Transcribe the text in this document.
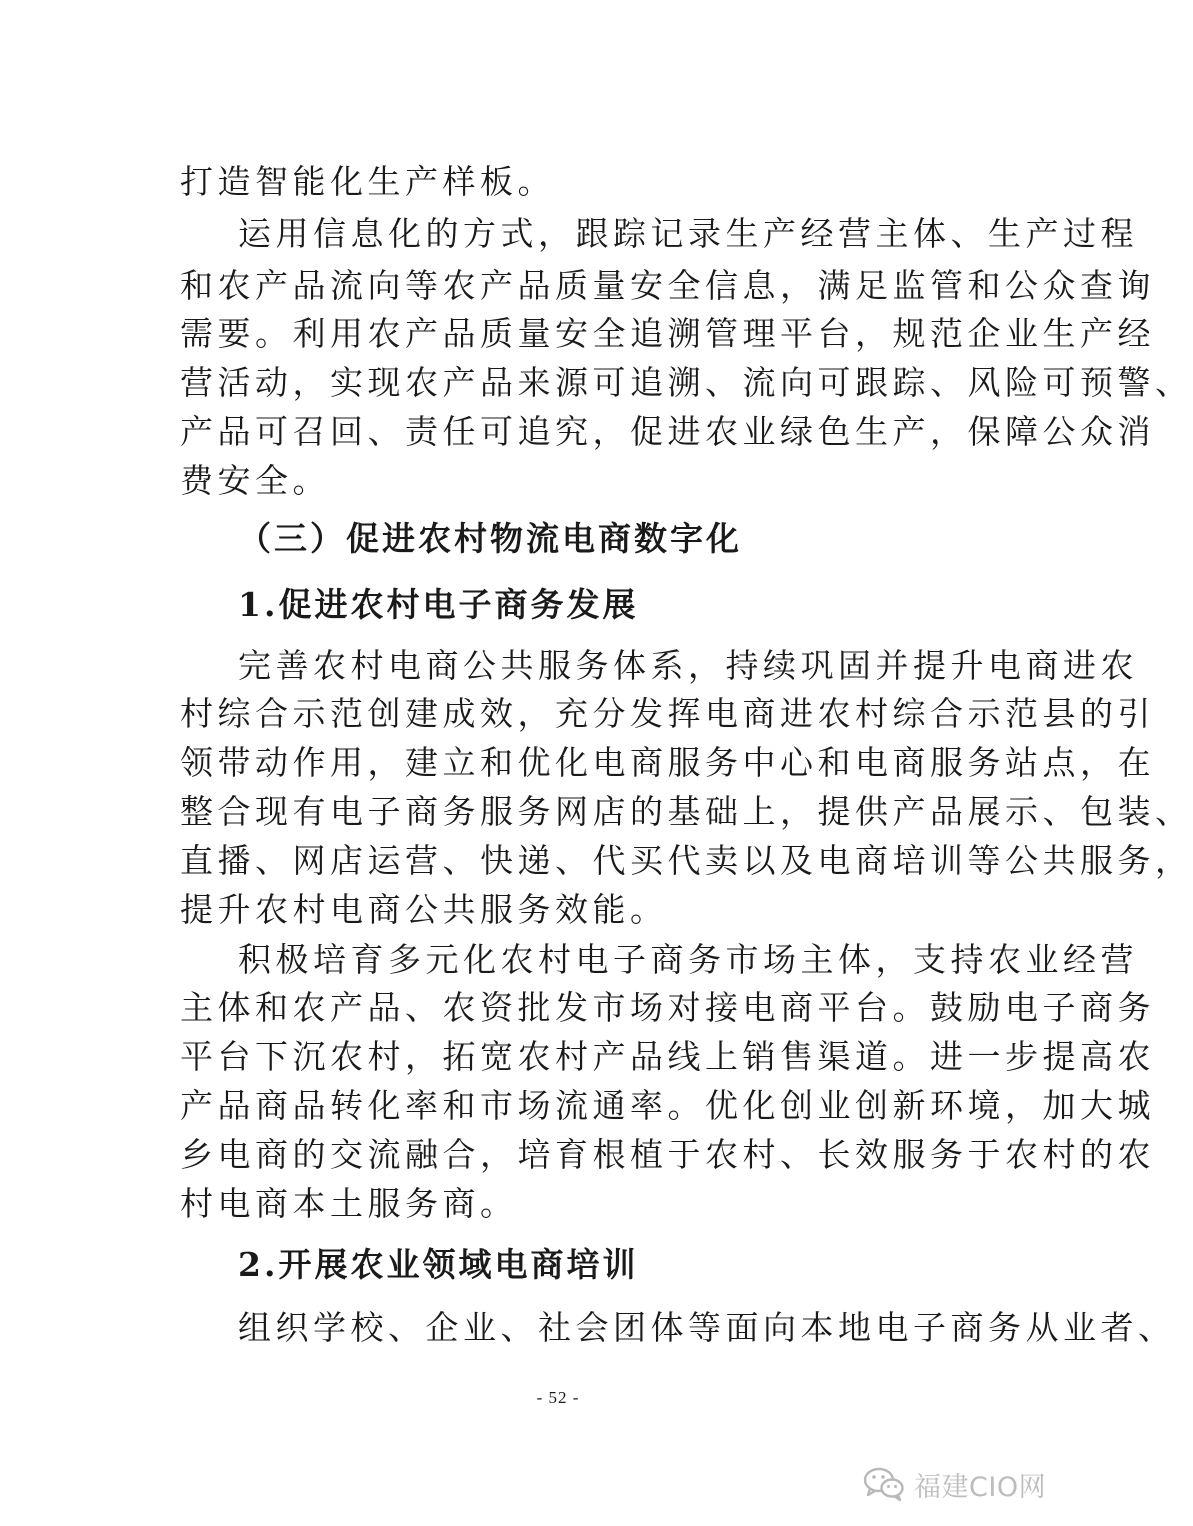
打造智能化生产样板。
运用信息化的方式，跟踪记录生产经营主体、生产过程
和农产品流向等农产品质量安全信息，满足监管和公众查询
需要。利用农产品质量安全追溯管理平台，规范企业生产经
营活动，实现农产品来源可追溯、流向可跟踪、风险可预警、
产品可召回、责任可追究，促进农业绿色生产，保障公众消
费安全。
（三）促进农村物流电商数字化
1.促进农村电子商务发展
完善农村电商公共服务体系，持续巩固并提升电商进农
村综合示范创建成效，充分发挥电商进农村综合示范县的引
领带动作用，建立和优化电商服务中心和电商服务站点，在
整合现有电子商务服务网店的基础上，提供产品展示、包装、
直播、网店运营、快递、代买代卖以及电商培训等公共服务，
提升农村电商公共服务效能。
积极培育多元化农村电子商务市场主体，支持农业经营
主体和农产品、农资批发市场对接电商平台。鼓励电子商务
平台下沉农村，拓宽农村产品线上销售渠道。进一步提高农
产品商品转化率和市场流通率。优化创业创新环境，加大城
乡电商的交流融合，培育根植于农村、长效服务于农村的农
村电商本土服务商。
2.开展农业领域电商培训
组织学校、企业、社会团体等面向本地电子商务从业者、
- 52 -
福建CIO网
